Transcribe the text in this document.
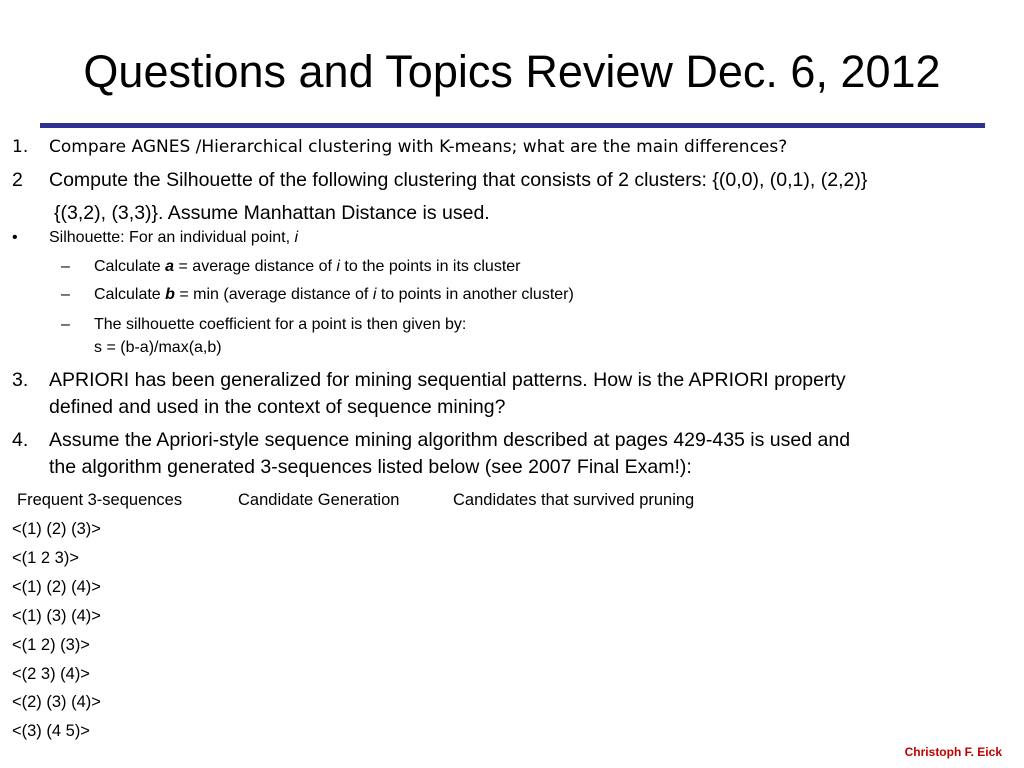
Questions and Topics Review Dec. 6, 2012
1. Compare AGNES /Hierarchical clustering with K-means; what are the main differences?
2 Compute the Silhouette of the following clustering that consists of 2 clusters: {(0,0), (0,1), (2,2)}
{(3,2), (3,3)}. Assume Manhattan Distance is used.
• Silhouette: For an individual point, i
– Calculate a = average distance of i to the points in its cluster
– Calculate b = min (average distance of i to points in another cluster)
– The silhouette coefficient for a point is then given by:
s = (b-a)/max(a,b)
3. APRIORI has been generalized for mining sequential patterns. How is the APRIORI property
defined and used in the context of sequence mining?
4. Assume the Apriori-style sequence mining algorithm described at pages 429-435 is used and
the algorithm generated 3-sequences listed below (see 2007 Final Exam!):
Frequent 3-sequences	Candidate Generation	Candidates that survived pruning
<(1) (2) (3)>
<(1 2 3)>
<(1) (2) (4)>
<(1) (3) (4)>
<(1 2) (3)>
<(2 3) (4)>
<(2) (3) (4)>
<(3) (4 5)>
Christoph F. Eick
